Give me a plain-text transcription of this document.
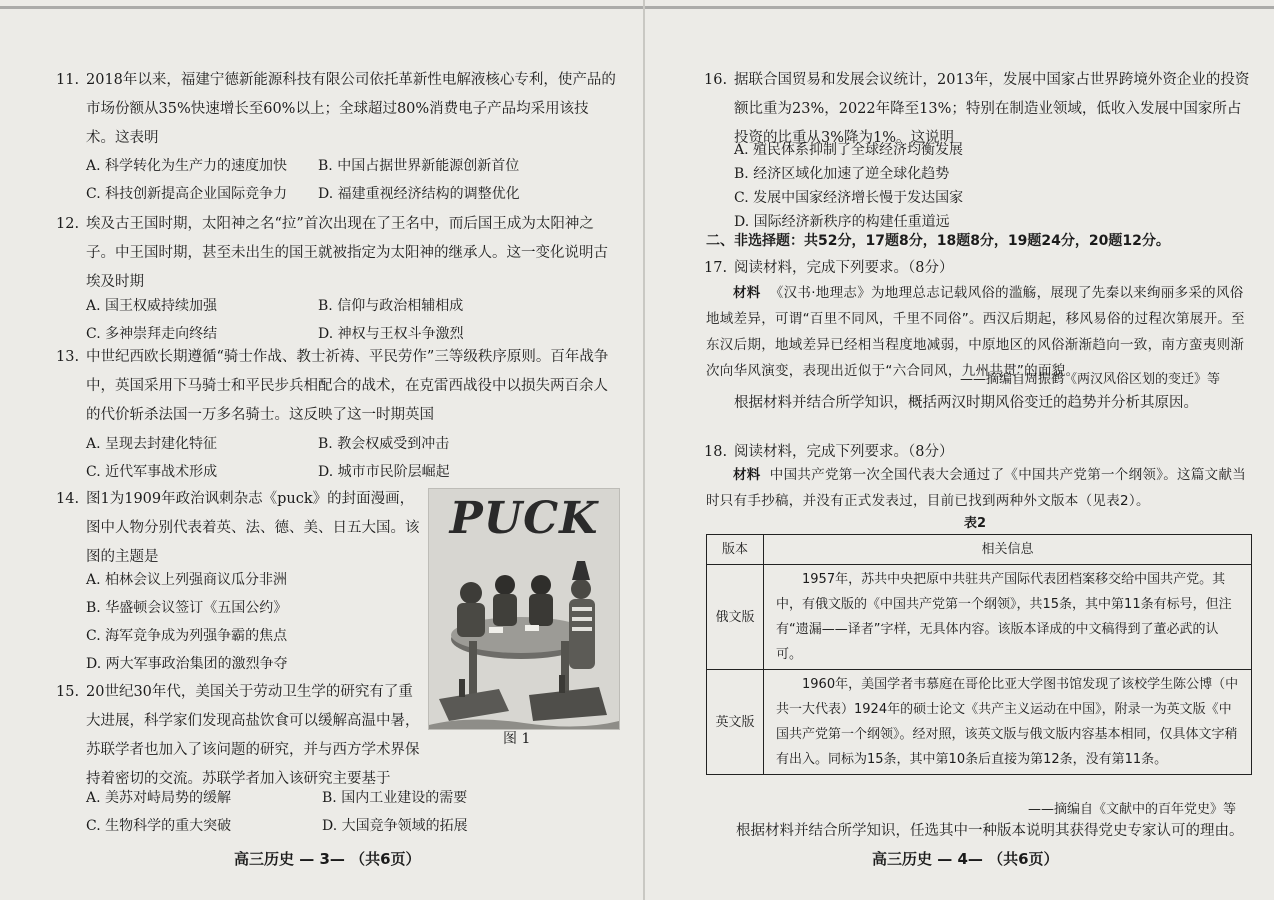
11. 2018年以来，福建宁德新能源科技有限公司依托革新性电解液核心专利，使产品的市场份额从35%快速增长至60%以上；全球超过80%消费电子产品均采用该技术。这表明
A. 科学转化为生产力的速度加快 B. 中国占据世界新能源创新首位
C. 科技创新提高企业国际竞争力 D. 福建重视经济结构的调整优化
12. 埃及古王国时期，太阳神之名“拉”首次出现在了王名中，而后国王成为太阳神之子。中王国时期，甚至未出生的国王就被指定为太阳神的继承人。这一变化说明古埃及时期
A. 国王权威持续加强	B. 信仰与政治相辅相成
C. 多神崇拜走向终结	D. 神权与王权斗争激烈
13. 中世纪西欧长期遵循“骑士作战、教士祈祷、平民劳作”三等级秩序原则。百年战争中，英国采用下马骑士和平民步兵相配合的战术，在克雷西战役中以损失两百余人的代价斩杀法国一万多名骑士。这反映了这一时期英国
A. 呈现去封建化特征	B. 教会权威受到冲击
C. 近代军事战术形成	D. 城市市民阶层崛起
14. 图1为1909年政治讽刺杂志《puck》的封面漫画，图中人物分别代表着英、法、德、美、日五大国。该图的主题是
A. 柏林会议上列强商议瓜分非洲
B. 华盛顿会议签订《五国公约》
C. 海军竞争成为列强争霸的焦点
D. 两大军事政治集团的激烈争夺
PUCK
图 1
15. 20世纪30年代，美国关于劳动卫生学的研究有了重大进展，科学家们发现高盐饮食可以缓解高温中暑，苏联学者也加入了该问题的研究，并与西方学术界保持着密切的交流。苏联学者加入该研究主要基于
A. 美苏对峙局势的缓解	B. 国内工业建设的需要
C. 生物科学的重大突破	D. 大国竞争领域的拓展
高三历史 — 3— （共6页）
16. 据联合国贸易和发展会议统计，2013年，发展中国家占世界跨境外资企业的投资额比重为23%，2022年降至13%；特别在制造业领域，低收入发展中国家所占投资的比重从3%降为1%。这说明
A. 殖民体系抑制了全球经济均衡发展
B. 经济区域化加速了逆全球化趋势
C. 发展中国家经济增长慢于发达国家
D. 国际经济新秩序的构建任重道远
二、非选择题：共52分，17题8分，18题8分，19题24分，20题12分。
17. 阅读材料，完成下列要求。（8分）
材料 《汉书·地理志》为地理总志记载风俗的滥觞，展现了先秦以来绚丽多采的风俗地域差异，可谓“百里不同风，千里不同俗”。西汉后期起，移风易俗的过程次第展开。至东汉后期，地域差异已经相当程度地减弱，中原地区的风俗渐渐趋向一致，南方蛮夷则渐次向华风演变，表现出近似于“六合同风，九州共贯”的面貌。
——摘编自周振鹤《两汉风俗区划的变迁》等
根据材料并结合所学知识，概括两汉时期风俗变迁的趋势并分析其原因。
18. 阅读材料，完成下列要求。（8分）
材料 中国共产党第一次全国代表大会通过了《中国共产党第一个纲领》。这篇文献当时只有手抄稿，并没有正式发表过，目前已找到两种外文版本（见表2）。
表2
版本	相关信息
俄文版	1957年，苏共中央把原中共驻共产国际代表团档案移交给中国共产党。其中，有俄文版的《中国共产党第一个纲领》，共15条，其中第11条有标号，但注有“遗漏——译者”字样，无具体内容。该版本译成的中文稿得到了董必武的认可。
英文版	1960年，美国学者韦慕庭在哥伦比亚大学图书馆发现了该校学生陈公博（中共一大代表）1924年的硕士论文《共产主义运动在中国》，附录一为英文版《中国共产党第一个纲领》。经对照，该英文版与俄文版内容基本相同，仅具体文字稍有出入。同标为15条，其中第10条后直接为第12条，没有第11条。
——摘编自《文献中的百年党史》等
根据材料并结合所学知识，任选其中一种版本说明其获得党史专家认可的理由。
高三历史 — 4— （共6页）
